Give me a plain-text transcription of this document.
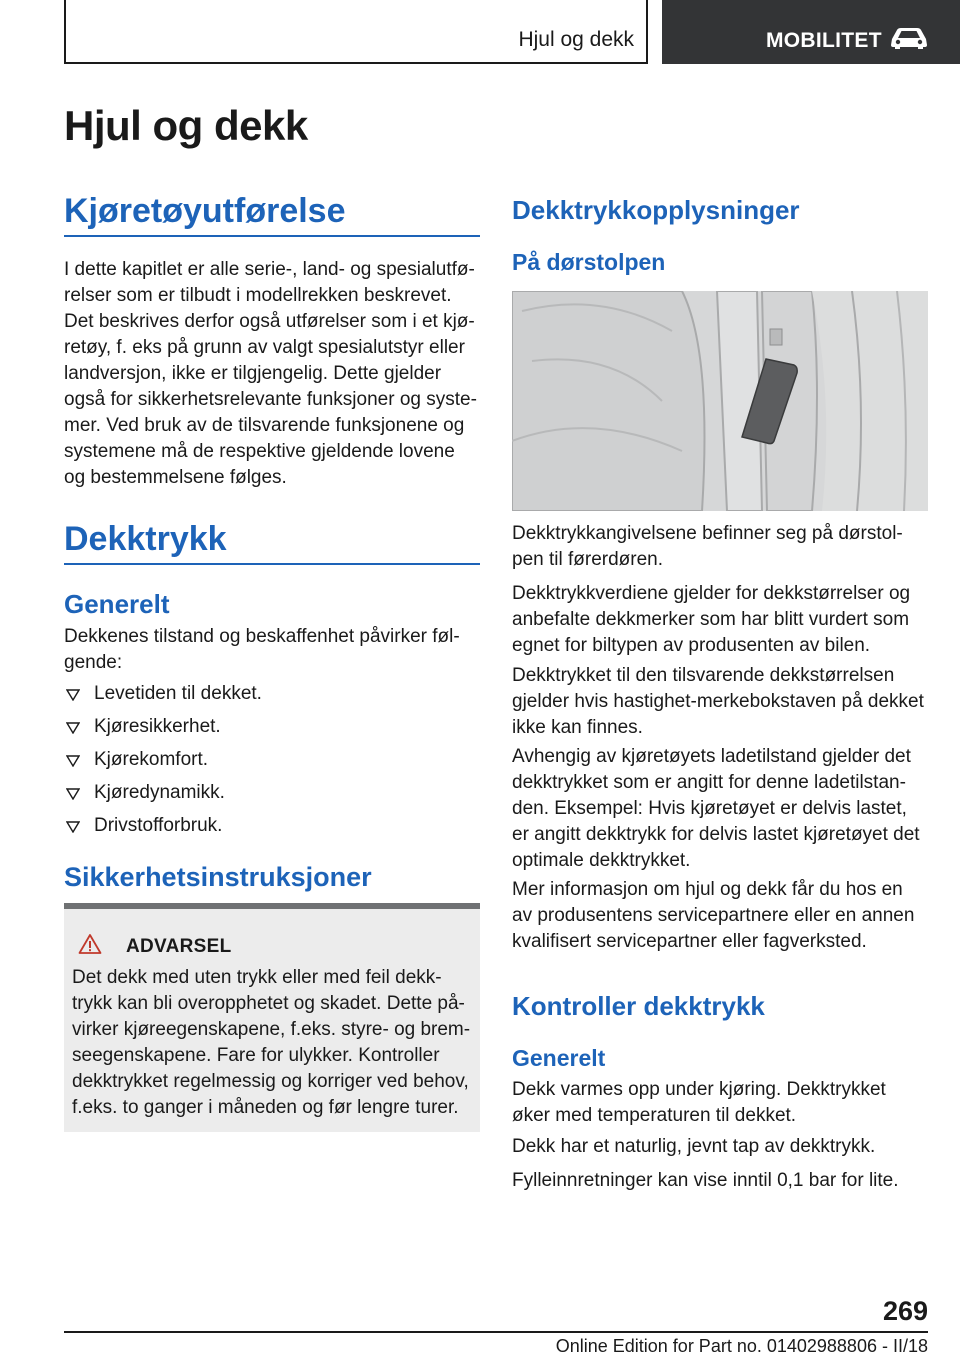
Hjul og dekk	MOBILITET
Hjul og dekk
Kjøretøyutførelse

I dette kapitlet er alle serie-, land- og spesialutfø-relser som er tilbudt i modellrekken beskrevet. Det beskrives derfor også utførelser som i et kjø-retøy, f. eks på grunn av valgt spesialutstyr eller landversjon, ikke er tilgjengelig. Dette gjelder også for sikkerhetsrelevante funksjoner og syste-mer. Ved bruk av de tilsvarende funksjonene og systemene må de respektive gjeldende lovene og bestemmelsene følges.

Dekktrykk
Generelt

Dekkenes tilstand og beskaffenhet påvirker føl-gende:

Levetiden til dekket.
Kjøresikkerhet.
Kjørekomfort.
Kjøredynamikk.
Drivstofforbruk.
Sikkerhetsinstruksjoner
ADVARSEL

Det dekk med uten trykk eller med feil dekk-trykk kan bli overopphetet og skadet. Dette på-virker kjøreegenskapene, f.eks. styre- og brem-seegenskapene. Fare for ulykker. Kontroller dekktrykket regelmessig og korriger ved behov, f.eks. to ganger i måneden og før lengre turer.

Dekktrykkopplysninger
På dørstolpen

Dekktrykkangivelsene befinner seg på dørstol-pen til førerdøren.

Dekktrykkverdiene gjelder for dekkstørrelser og anbefalte dekkmerker som har blitt vurdert som egnet for biltypen av produsenten av bilen.

Dekktrykket til den tilsvarende dekkstørrelsen gjelder hvis hastighet-merkebokstaven på dekket ikke kan finnes.

Avhengig av kjøretøyets ladetilstand gjelder det dekktrykket som er angitt for denne ladetilstan-den. Eksempel: Hvis kjøretøyet er delvis lastet, er angitt dekktrykk for delvis lastet kjøretøyet det optimale dekktrykket.

Mer informasjon om hjul og dekk får du hos en av produsentens servicepartnere eller en annen kvalifisert servicepartner eller fagverksted.

Kontroller dekktrykk
Generelt

Dekk varmes opp under kjøring. Dekktrykket øker med temperaturen til dekket.

Dekk har et naturlig, jevnt tap av dekktrykk.

Fylleinnretninger kan vise inntil 0,1 bar for lite.

269
Online Edition for Part no. 01402988806 - II/18
